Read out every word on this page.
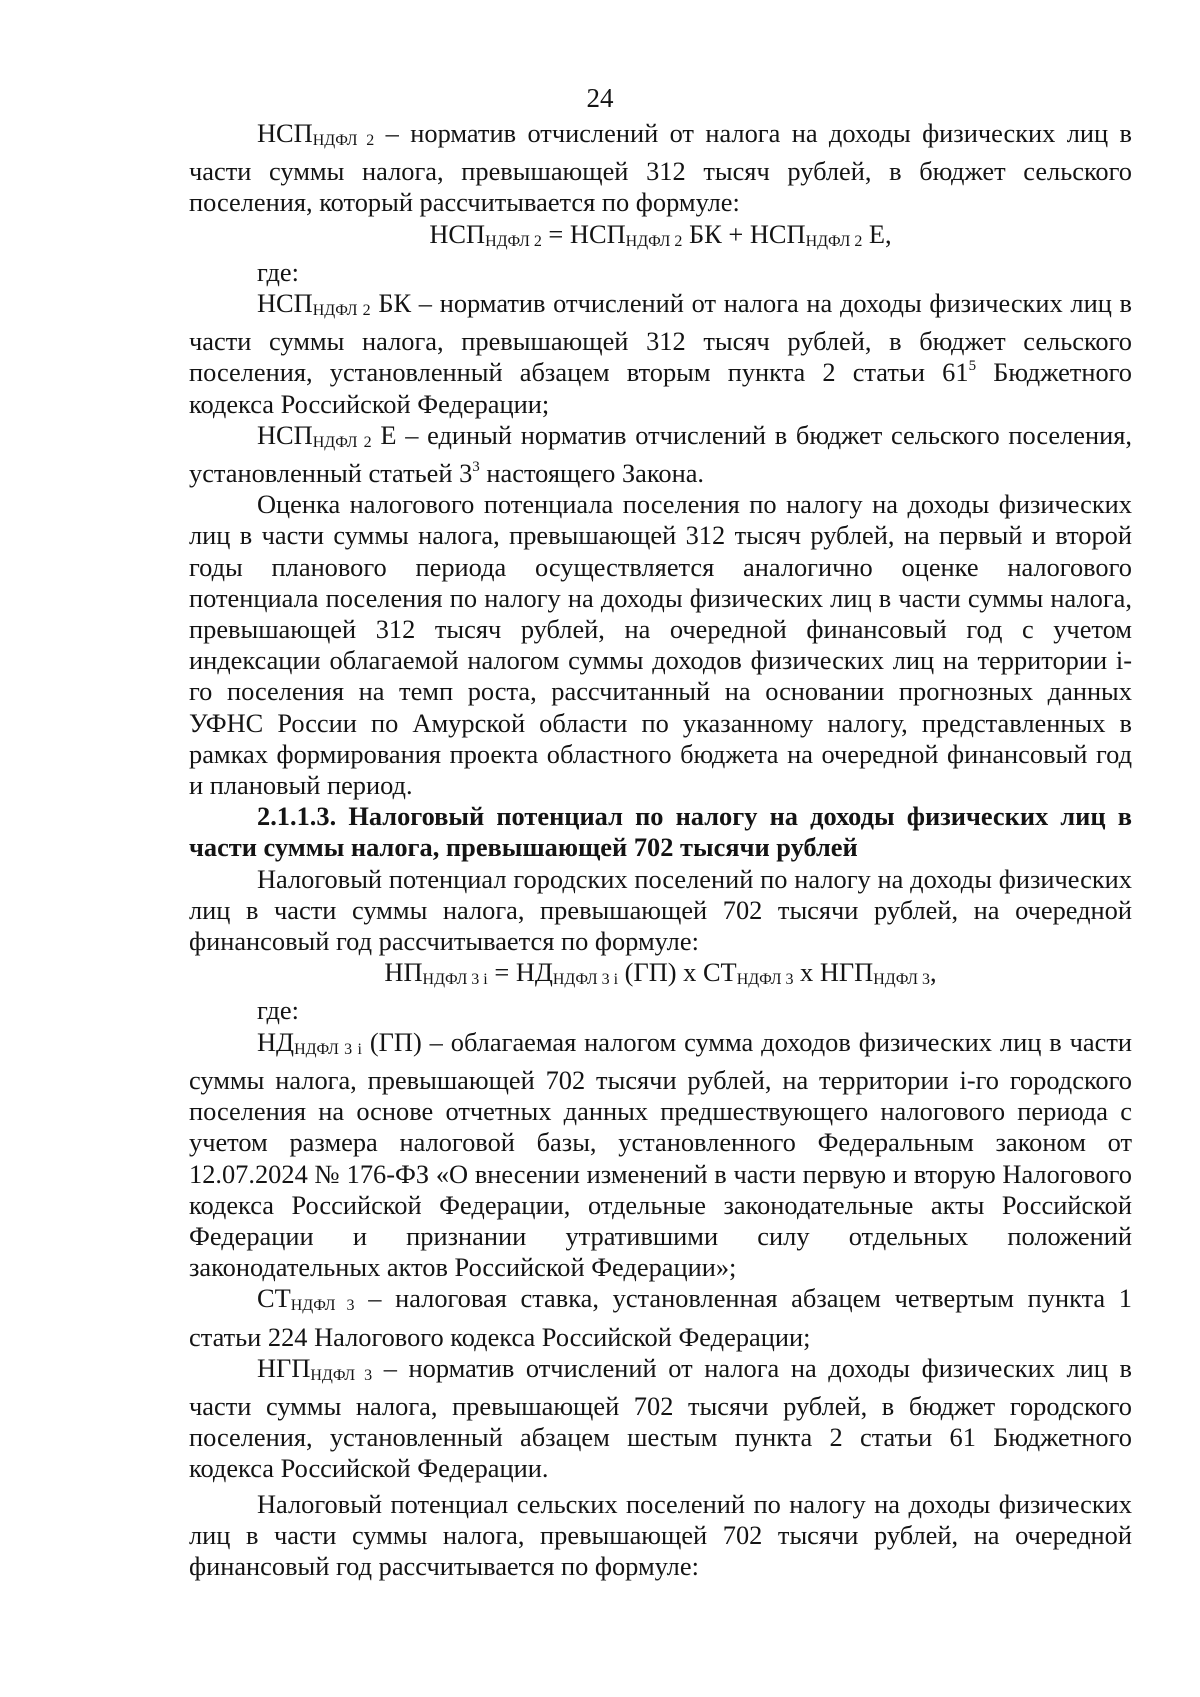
24

НСПНДФЛ 2 – норматив отчислений от налога на доходы физических лиц в части суммы налога, превышающей 312 тысяч рублей, в бюджет сельского поселения, который рассчитывается по формуле:

НСПНДФЛ 2 = НСПНДФЛ 2 БК + НСПНДФЛ 2 Е,

где:

НСПНДФЛ 2 БК – норматив отчислений от налога на доходы физических лиц в части суммы налога, превышающей 312 тысяч рублей, в бюджет сельского поселения, установленный абзацем вторым пункта 2 статьи $61^5$ Бюджетного кодекса Российской Федерации;

НСПНДФЛ 2 Е – единый норматив отчислений в бюджет сельского поселения, установленный статьей $3^3$ настоящего Закона.

Оценка налогового потенциала поселения по налогу на доходы физических лиц в части суммы налога, превышающей 312 тысяч рублей, на первый и второй годы планового периода осуществляется аналогично оценке налогового потенциала поселения по налогу на доходы физических лиц в части суммы налога, превышающей 312 тысяч рублей, на очередной финансовый год с учетом индексации облагаемой налогом суммы доходов физических лиц на территории i-го поселения на темп роста, рассчитанный на основании прогнозных данных УФНС России по Амурской области по указанному налогу, представленных в рамках формирования проекта областного бюджета на очередной финансовый год и плановый период.

2.1.1.3. Налоговый потенциал по налогу на доходы физических лиц в части суммы налога, превышающей 702 тысячи рублей

Налоговый потенциал городских поселений по налогу на доходы физических лиц в части суммы налога, превышающей 702 тысячи рублей, на очередной финансовый год рассчитывается по формуле:

НПНДФЛ 3 i = НДНДФЛ 3 i (ГП) х СТНДФЛ 3 х НГПНДФЛ 3,

где:

НДНДФЛ 3 i (ГП) – облагаемая налогом сумма доходов физических лиц в части суммы налога, превышающей 702 тысячи рублей, на территории i-го городского поселения на основе отчетных данных предшествующего налогового периода с учетом размера налоговой базы, установленного Федеральным законом от 12.07.2024 № 176-ФЗ «О внесении изменений в части первую и вторую Налогового кодекса Российской Федерации, отдельные законодательные акты Российской Федерации и признании утратившими силу отдельных положений законодательных актов Российской Федерации»;

СТНДФЛ 3 – налоговая ставка, установленная абзацем четвертым пункта 1 статьи 224 Налогового кодекса Российской Федерации;

НГПНДФЛ 3 – норматив отчислений от налога на доходы физических лиц в части суммы налога, превышающей 702 тысячи рублей, в бюджет городского поселения, установленный абзацем шестым пункта 2 статьи 61 Бюджетного кодекса Российской Федерации.

Налоговый потенциал сельских поселений по налогу на доходы физических лиц в части суммы налога, превышающей 702 тысячи рублей, на очередной финансовый год рассчитывается по формуле:
